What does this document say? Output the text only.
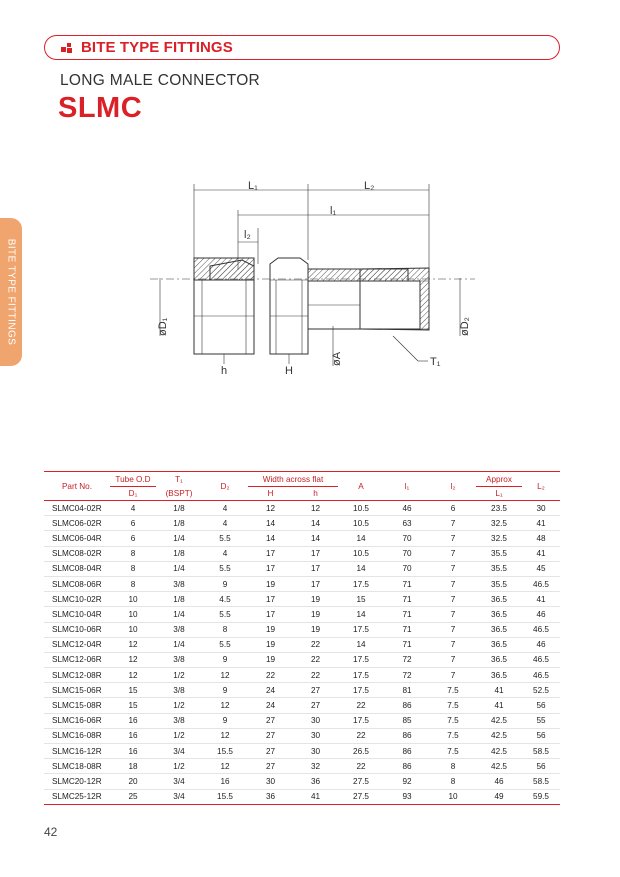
BITE TYPE FITTINGS
LONG MALE CONNECTOR
SLMC
BITE TYPE FITTINGS
L₁	L₂
l₁
l₂
øD₁	øD₂
øA
h	H
T₁
Part No.	Tube O.D	T₁	D₂	Width across flat		A	l₁	l₂	Approx	L₂
	D₁	(BSPT)		H	h				L₁	
SLMC04-02R	4	1/8	4	12	12	10.5	46	6	23.5	30
SLMC06-02R	6	1/8	4	14	14	10.5	63	7	32.5	41
SLMC06-04R	6	1/4	5.5	14	14	14	70	7	32.5	48
SLMC08-02R	8	1/8	4	17	17	10.5	70	7	35.5	41
SLMC08-04R	8	1/4	5.5	17	17	14	70	7	35.5	45
SLMC08-06R	8	3/8	9	19	17	17.5	71	7	35.5	46.5
SLMC10-02R	10	1/8	4.5	17	19	15	71	7	36.5	41
SLMC10-04R	10	1/4	5.5	17	19	14	71	7	36.5	46
SLMC10-06R	10	3/8	8	19	19	17.5	71	7	36.5	46.5
SLMC12-04R	12	1/4	5.5	19	22	14	71	7	36.5	46
SLMC12-06R	12	3/8	9	19	22	17.5	72	7	36.5	46.5
SLMC12-08R	12	1/2	12	22	22	17.5	72	7	36.5	46.5
SLMC15-06R	15	3/8	9	24	27	17.5	81	7.5	41	52.5
SLMC15-08R	15	1/2	12	24	27	22	86	7.5	41	56
SLMC16-06R	16	3/8	9	27	30	17.5	85	7.5	42.5	55
SLMC16-08R	16	1/2	12	27	30	22	86	7.5	42.5	56
SLMC16-12R	16	3/4	15.5	27	30	26.5	86	7.5	42.5	58.5
SLMC18-08R	18	1/2	12	27	32	22	86	8	42.5	56
SLMC20-12R	20	3/4	16	30	36	27.5	92	8	46	58.5
SLMC25-12R	25	3/4	15.5	36	41	27.5	93	10	49	59.5
42
